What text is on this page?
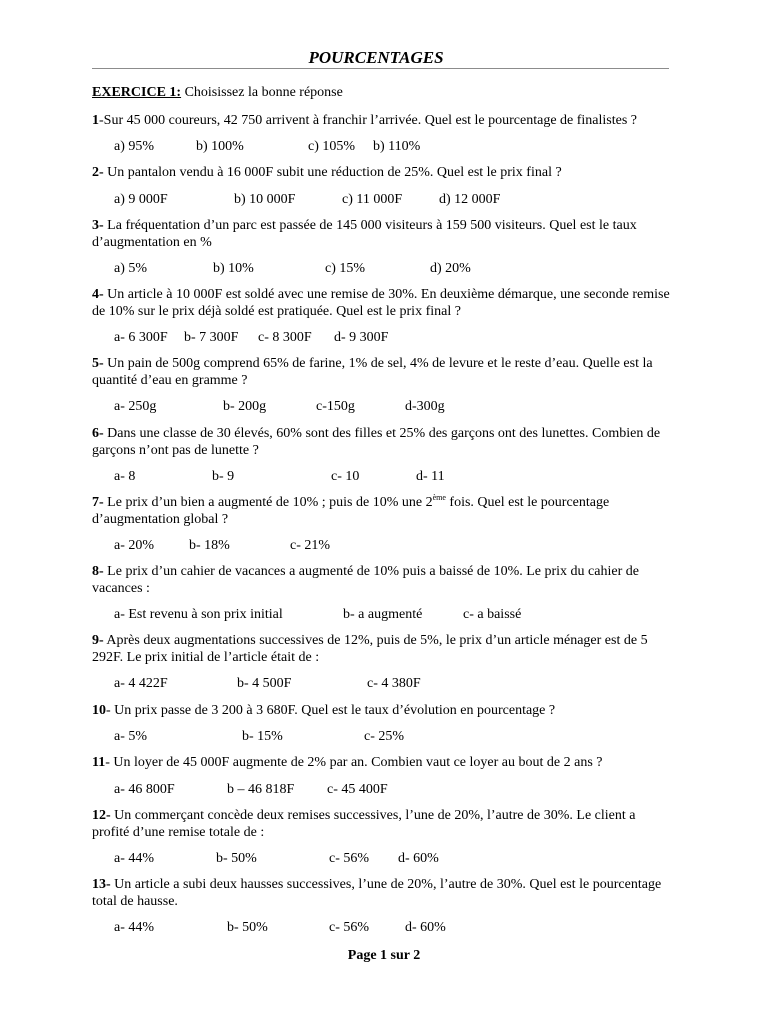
POURCENTAGES
EXERCICE 1: Choisissez la bonne réponse
1-Sur 45 000 coureurs, 42 750 arrivent à franchir l’arrivée. Quel est le pourcentage de finalistes ?
a) 95%	b) 100%	c) 105% b) 110%
2- Un pantalon vendu à 16 000F subit une réduction de 25%. Quel est le prix final ?
a) 9 000F	b) 10 000F	c) 11 000F	d) 12 000F
3- La fréquentation d’un parc est passée de 145 000 visiteurs à 159 500 visiteurs. Quel est le taux d’augmentation en %
a) 5%	b) 10%	c) 15%	d) 20%
4- Un article à 10 000F est soldé avec une remise de 30%. En deuxième démarque, une seconde remise de 10% sur le prix déjà soldé est pratiquée. Quel est le prix final ?
a- 6 300F b- 7 300F c- 8 300F d- 9 300F
5- Un pain de 500g comprend 65% de farine, 1% de sel, 4% de levure et le reste d’eau. Quelle est la quantité d’eau en gramme ?
a- 250g	b- 200g	c-150g	d-300g
6- Dans une classe de 30 élevés, 60% sont des filles et 25% des garçons ont des lunettes. Combien de garçons n’ont pas de lunette ?
a- 8	b- 9	c- 10	d- 11
7- Le prix d’un bien a augmenté de 10% ; puis de 10% une 2ème fois. Quel est le pourcentage d’augmentation global ?
a- 20% b- 18%	c- 21%
8- Le prix d’un cahier de vacances a augmenté de 10% puis a baissé de 10%. Le prix du cahier de vacances :
a- Est revenu à son prix initial	b- a augmenté	c- a baissé
9- Après deux augmentations successives de 12%, puis de 5%, le prix d’un article ménager est de 5 292F. Le prix initial de l’article était de :
a- 4 422F	b- 4 500F	c- 4 380F
10- Un prix passe de 3 200 à 3 680F. Quel est le taux d’évolution en pourcentage ?
a- 5%	b- 15%	c- 25%
11- Un loyer de 45 000F augmente de 2% par an. Combien vaut ce loyer au bout de 2 ans ?
a- 46 800F	b – 46 818F c- 45 400F
12- Un commerçant concède deux remises successives, l’une de 20%, l’autre de 30%. Le client a profité d’une remise totale de :
a- 44%	b- 50%	c- 56% d- 60%
13- Un article a subi deux hausses successives, l’une de 20%, l’autre de 30%. Quel est le pourcentage total de hausse.
a- 44%	b- 50%	c- 56%	d- 60%
Page 1 sur 2
